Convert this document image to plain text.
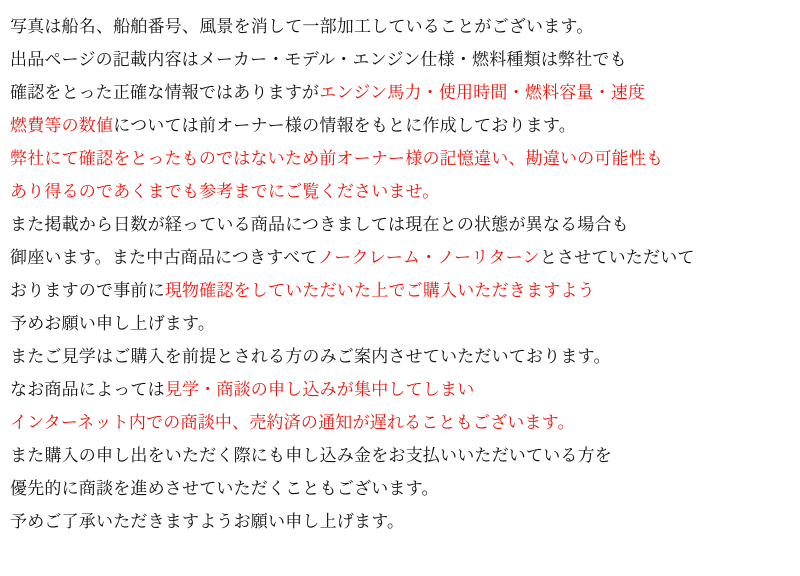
写真は船名、船舶番号、風景を消して一部加工していることがございます。
出品ページの記載内容はメーカー・モデル・エンジン仕様・燃料種類は弊社でも
確認をとった正確な情報ではありますがエンジン馬力・使用時間・燃料容量・速度
燃費等の数値については前オーナー様の情報をもとに作成しております。
弊社にて確認をとったものではないため前オーナー様の記憶違い、勘違いの可能性も
あり得るのであくまでも参考までにご覧くださいませ。
また掲載から日数が経っている商品につきましては現在との状態が異なる場合も
御座います。また中古商品につきすべてノークレーム・ノーリターンとさせていただいて
おりますので事前に現物確認をしていただいた上でご購入いただきますよう
予めお願い申し上げます。
またご見学はご購入を前提とされる方のみご案内させていただいております。
なお商品によっては見学・商談の申し込みが集中してしまい
インターネット内での商談中、売約済の通知が遅れることもございます。
また購入の申し出をいただく際にも申し込み金をお支払いいただいている方を
優先的に商談を進めさせていただくこともございます。
予めご了承いただきますようお願い申し上げます。
